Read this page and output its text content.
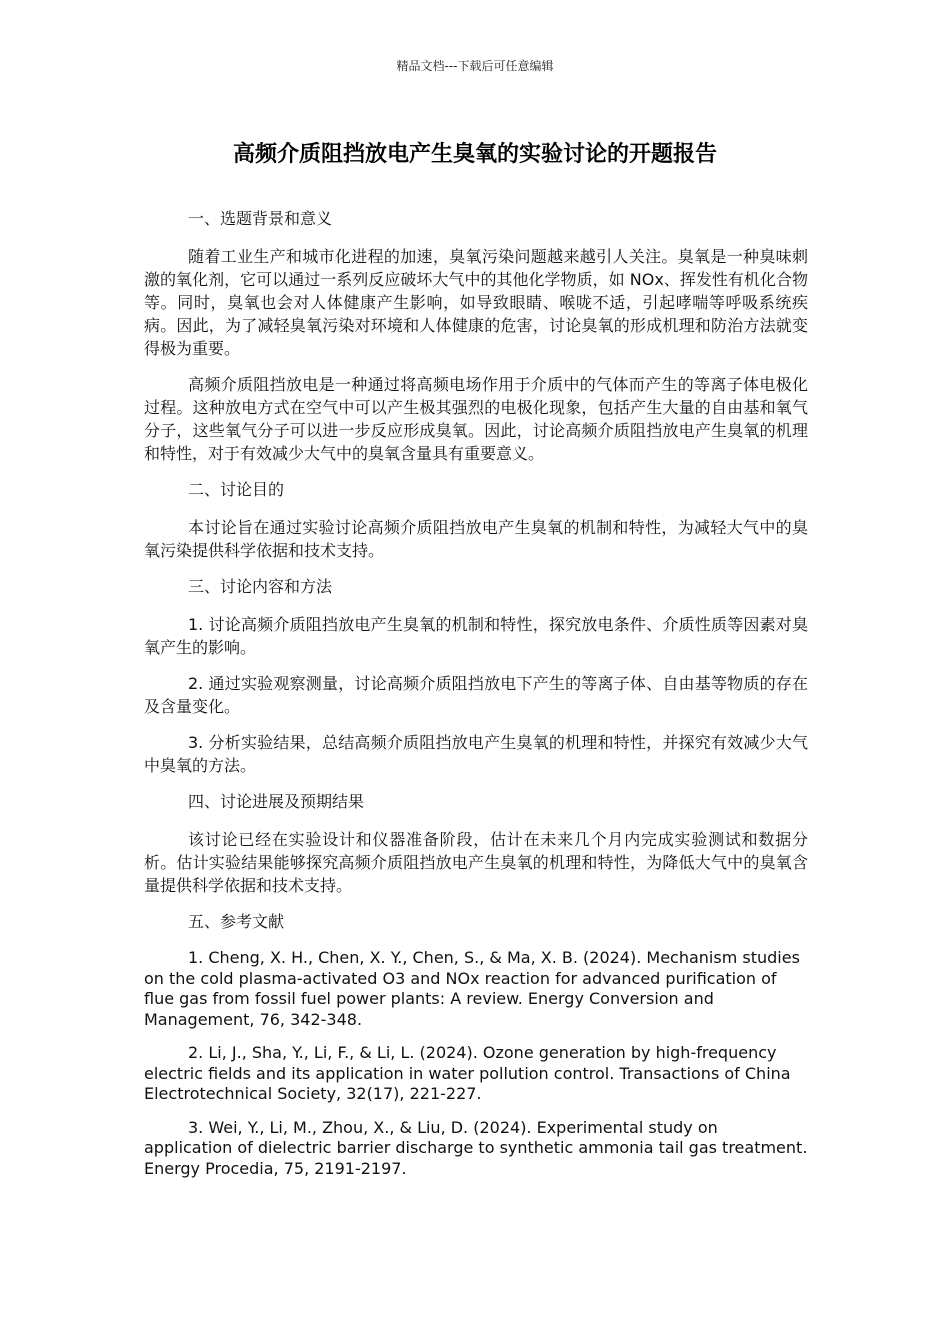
精品文档---下载后可任意编辑
高频介质阻挡放电产生臭氧的实验讨论的开题报告
一、选题背景和意义

随着工业生产和城市化进程的加速，臭氧污染问题越来越引人关注。臭氧是一种臭味刺激的氧化剂，它可以通过一系列反应破坏大气中的其他化学物质，如 NOx、挥发性有机化合物等。同时，臭氧也会对人体健康产生影响，如导致眼睛、喉咙不适，引起哮喘等呼吸系统疾病。因此，为了减轻臭氧污染对环境和人体健康的危害，讨论臭氧的形成机理和防治方法就变得极为重要。

高频介质阻挡放电是一种通过将高频电场作用于介质中的气体而产生的等离子体电极化过程。这种放电方式在空气中可以产生极其强烈的电极化现象，包括产生大量的自由基和氧气分子，这些氧气分子可以进一步反应形成臭氧。因此，讨论高频介质阻挡放电产生臭氧的机理和特性，对于有效减少大气中的臭氧含量具有重要意义。

二、讨论目的

本讨论旨在通过实验讨论高频介质阻挡放电产生臭氧的机制和特性，为减轻大气中的臭氧污染提供科学依据和技术支持。

三、讨论内容和方法

1. 讨论高频介质阻挡放电产生臭氧的机制和特性，探究放电条件、介质性质等因素对臭氧产生的影响。

2. 通过实验观察测量，讨论高频介质阻挡放电下产生的等离子体、自由基等物质的存在及含量变化。

3. 分析实验结果，总结高频介质阻挡放电产生臭氧的机理和特性，并探究有效减少大气中臭氧的方法。

四、讨论进展及预期结果

该讨论已经在实验设计和仪器准备阶段，估计在未来几个月内完成实验测试和数据分析。估计实验结果能够探究高频介质阻挡放电产生臭氧的机理和特性，为降低大气中的臭氧含量提供科学依据和技术支持。

五、参考文献

1. Cheng, X. H., Chen, X. Y., Chen, S., & Ma, X. B. (2024). Mechanism studies on the cold plasma-activated O3 and NOx reaction for advanced purification of flue gas from fossil fuel power plants: A review. Energy Conversion and Management, 76, 342-348.

2. Li, J., Sha, Y., Li, F., & Li, L. (2024). Ozone generation by high-frequency electric fields and its application in water pollution control. Transactions of China Electrotechnical Society, 32(17), 221-227.

3. Wei, Y., Li, M., Zhou, X., & Liu, D. (2024). Experimental study on application of dielectric barrier discharge to synthetic ammonia tail gas treatment. Energy Procedia, 75, 2191-2197.
